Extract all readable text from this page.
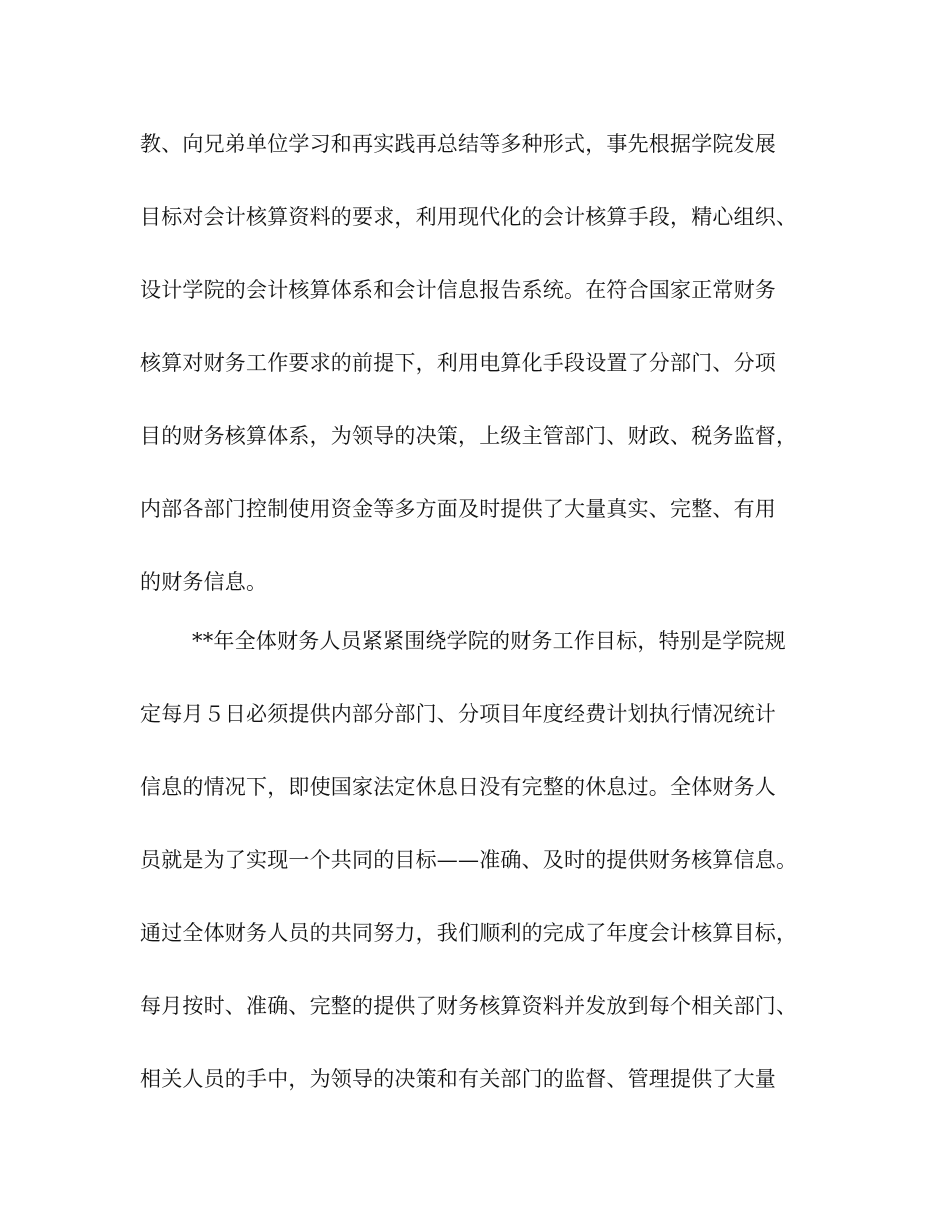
教、向兄弟单位学习和再实践再总结等多种形式，事先根据学院发展
目标对会计核算资料的要求，利用现代化的会计核算手段，精心组织、
设计学院的会计核算体系和会计信息报告系统。在符合国家正常财务
核算对财务工作要求的前提下，利用电算化手段设置了分部门、分项
目的财务核算体系，为领导的决策，上级主管部门、财政、税务监督，
内部各部门控制使用资金等多方面及时提供了大量真实、完整、有用
的财务信息。
**年全体财务人员紧紧围绕学院的财务工作目标，特别是学院规
定每月５日必须提供内部分部门、分项目年度经费计划执行情况统计
信息的情况下，即使国家法定休息日没有完整的休息过。全体财务人
员就是为了实现一个共同的目标——准确、及时的提供财务核算信息。
通过全体财务人员的共同努力，我们顺利的完成了年度会计核算目标，
每月按时、准确、完整的提供了财务核算资料并发放到每个相关部门、
相关人员的手中，为领导的决策和有关部门的监督、管理提供了大量
